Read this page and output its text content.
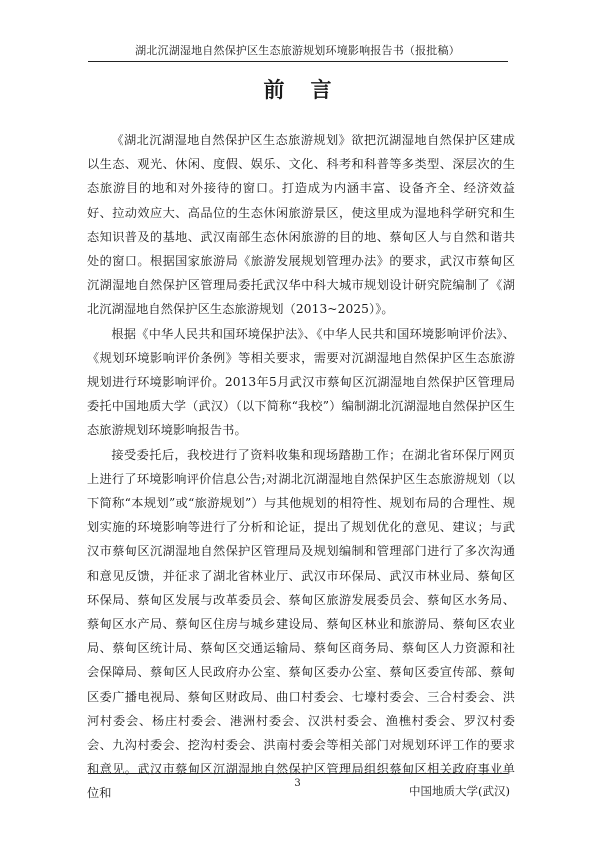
湖北沉湖湿地自然保护区生态旅游规划环境影响报告书（报批稿）
前言

《湖北沉湖湿地自然保护区生态旅游规划》欲把沉湖湿地自然保护区建成以生态、观光、休闲、度假、娱乐、文化、科考和科普等多类型、深层次的生态旅游目的地和对外接待的窗口。打造成为内涵丰富、设备齐全、经济效益好、拉动效应大、高品位的生态休闲旅游景区，使这里成为湿地科学研究和生态知识普及的基地、武汉南部生态休闲旅游的目的地、蔡甸区人与自然和谐共处的窗口。根据国家旅游局《旅游发展规划管理办法》的要求，武汉市蔡甸区沉湖湿地自然保护区管理局委托武汉华中科大城市规划设计研究院编制了《湖北沉湖湿地自然保护区生态旅游规划（2013~2025）》。

根据《中华人民共和国环境保护法》、《中华人民共和国环境影响评价法》、《规划环境影响评价条例》等相关要求，需要对沉湖湿地自然保护区生态旅游规划进行环境影响评价。2013年5月武汉市蔡甸区沉湖湿地自然保护区管理局委托中国地质大学（武汉）（以下简称“我校”）编制湖北沉湖湿地自然保护区生态旅游规划环境影响报告书。

接受委托后，我校进行了资料收集和现场踏勘工作；在湖北省环保厅网页上进行了环境影响评价信息公告;对湖北沉湖湿地自然保护区生态旅游规划（以下简称“本规划”或“旅游规划”）与其他规划的相符性、规划布局的合理性、规划实施的环境影响等进行了分析和论证，提出了规划优化的意见、建议；与武汉市蔡甸区沉湖湿地自然保护区管理局及规划编制和管理部门进行了多次沟通和意见反馈，并征求了湖北省林业厅、武汉市环保局、武汉市林业局、蔡甸区环保局、蔡甸区发展与改革委员会、蔡甸区旅游发展委员会、蔡甸区水务局、蔡甸区水产局、蔡甸区住房与城乡建设局、蔡甸区林业和旅游局、蔡甸区农业局、蔡甸区统计局、蔡甸区交通运输局、蔡甸区商务局、蔡甸区人力资源和社会保障局、蔡甸区人民政府办公室、蔡甸区委办公室、蔡甸区委宣传部、蔡甸区委广播电视局、蔡甸区财政局、曲口村委会、七壕村委会、三合村委会、洪河村委会、杨庄村委会、港洲村委会、汉洪村委会、渔樵村委会、罗汉村委会、九沟村委会、挖沟村委会、洪南村委会等相关部门对规划环评工作的要求和意见。武汉市蔡甸区沉湖湿地自然保护区管理局组织蔡甸区相关政府事业单位和

3
中国地质大学(武汉)
